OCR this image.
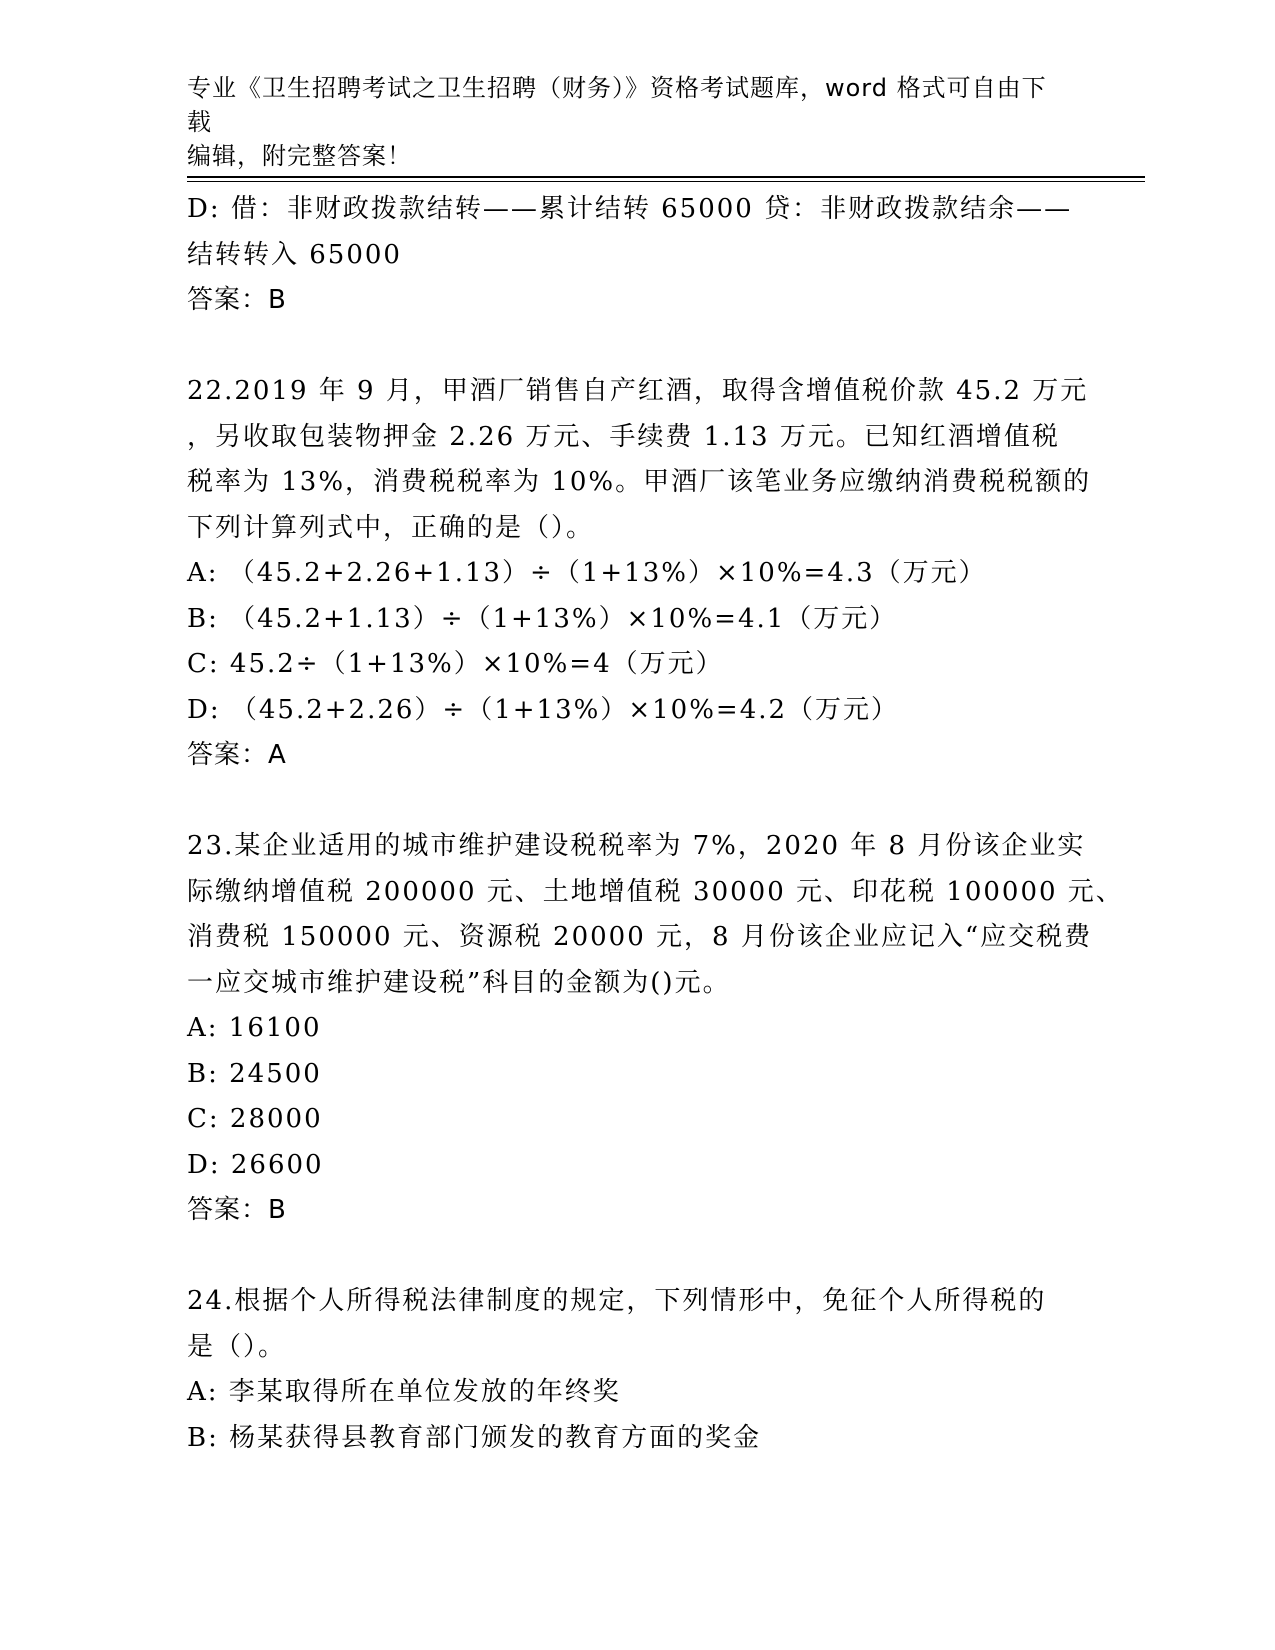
专业《卫生招聘考试之卫生招聘（财务）》资格考试题库，word 格式可自由下载
编辑，附完整答案！
D: 借：非财政拨款结转——累计结转 65000 贷：非财政拨款结余——
结转转入 65000
答案：B
22.2019 年 9 月，甲酒厂销售自产红酒，取得含增值税价款 45.2 万元
，另收取包装物押金 2.26 万元、手续费 1.13 万元。已知红酒增值税
税率为 13%，消费税税率为 10%。甲酒厂该笔业务应缴纳消费税税额的
下列计算列式中，正确的是（）。
A: （45.2+2.26+1.13）÷（1+13%）×10%=4.3（万元）
B: （45.2+1.13）÷（1+13%）×10%=4.1（万元）
C: 45.2÷（1+13%）×10%=4（万元）
D: （45.2+2.26）÷（1+13%）×10%=4.2（万元）
答案：A
23.某企业适用的城市维护建设税税率为 7%，2020 年 8 月份该企业实
际缴纳增值税 200000 元、土地增值税 30000 元、印花税 100000 元、
消费税 150000 元、资源税 20000 元，8 月份该企业应记入“应交税费
一应交城市维护建设税”科目的金额为()元。
A: 16100
B: 24500
C: 28000
D: 26600
答案：B
24.根据个人所得税法律制度的规定，下列情形中，免征个人所得税的
是（）。
A: 李某取得所在单位发放的年终奖
B: 杨某获得县教育部门颁发的教育方面的奖金
